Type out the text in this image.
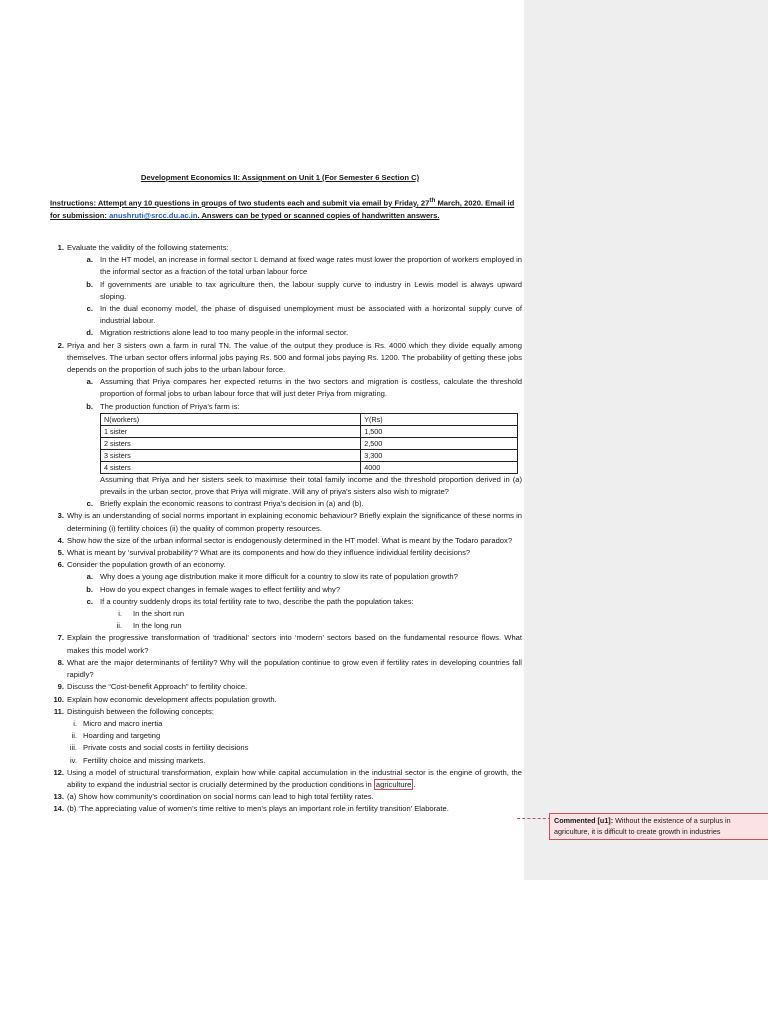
Development Economics II: Assignment on Unit 1 (For Semester 6 Section C)
Instructions: Attempt any 10 questions in groups of two students each and submit via email by Friday, 27th March, 2020. Email id for submission: anushruti@srcc.du.ac.in. Answers can be typed or scanned copies of handwritten answers.
1. Evaluate the validity of the following statements:
a. In the HT model, an increase in formal sector L demand at fixed wage rates must lower the proportion of workers employed in the informal sector as a fraction of the total urban labour force
b. If governments are unable to tax agriculture then, the labour supply curve to industry in Lewis model is always upward sloping.
c. In the dual economy model, the phase of disguised unemployment must be associated with a horizontal supply curve of industrial labour.
d. Migration restrictions alone lead to too many people in the informal sector.
2. Priya and her 3 sisters own a farm in rural TN. The value of the output they produce is Rs. 4000 which they divide equally among themselves. The urban sector offers informal jobs paying Rs. 500 and formal jobs paying Rs. 1200. The probability of getting these jobs depends on the proportion of such jobs to the urban labour force.
a. Assuming that Priya compares her expected returns in the two sectors and migration is costless, calculate the threshold proportion of formal jobs to urban labour force that will just deter Priya from migrating.
b. The production function of Priya’s farm is:
N(workers)	Y(Rs)
1 sister	1,500
2 sisters	2,500
3 sisters	3,300
4 sisters	4000
Assuming that Priya and her sisters seek to maximise their total family income and the threshold proportion derived in (a) prevails in the urban sector, prove that Priya will migrate. Will any of priya’s sisters also wish to migrate?
c. Briefly explain the economic reasons to contrast Priya’s decision in (a) and (b).
3. Why is an understanding of social norms important in explaining economic behaviour? Briefly explain the significance of these norms in determining (i) fertility choices (ii) the quality of common property resources.
4. Show how the size of the urban informal sector is endogenously determined in the HT model. What is meant by the Todaro paradox?
5. What is meant by ‘survival probability’? What are its components and how do they influence individual fertility decisions?
6. Consider the population growth of an economy.
a. Why does a young age distribution make it more difficult for a country to slow its rate of population growth?
b. How do you expect changes in female wages to effect fertility and why?
c. If a country suddenly drops its total fertility rate to two, describe the path the population takes:
i. In the short run
ii. In the long run
7. Explain the progressive transformation of ‘traditional’ sectors into ‘modern’ sectors based on the fundamental resource flows. What makes this model work?
8. What are the major determinants of fertility? Why will the population continue to grow even if fertility rates in developing countries fall rapidly?
9. Discuss the “Cost-benefit Approach” to fertility choice.
10. Explain how economic development affects population growth.
11. Distinguish between the following concepts:
i. Micro and macro inertia
ii. Hoarding and targeting
iii. Private costs and social costs in fertility decisions
iv. Fertility choice and missing markets.
12. Using a model of structural transformation, explain how while capital accumulation in the industrial sector is the engine of growth, the ability to expand the industrial sector is crucially determined by the production conditions in agriculture .
13. (a) Show how community’s coordination on social norms can lead to high total fertility rates.
14. (b) ‘The appreciating value of women’s time reltive to men’s plays an important role in fertility transition’ Elaborate.
Commented [u1]: Without the existence of a surplus in agriculture, it is difficult to create growth in industries
